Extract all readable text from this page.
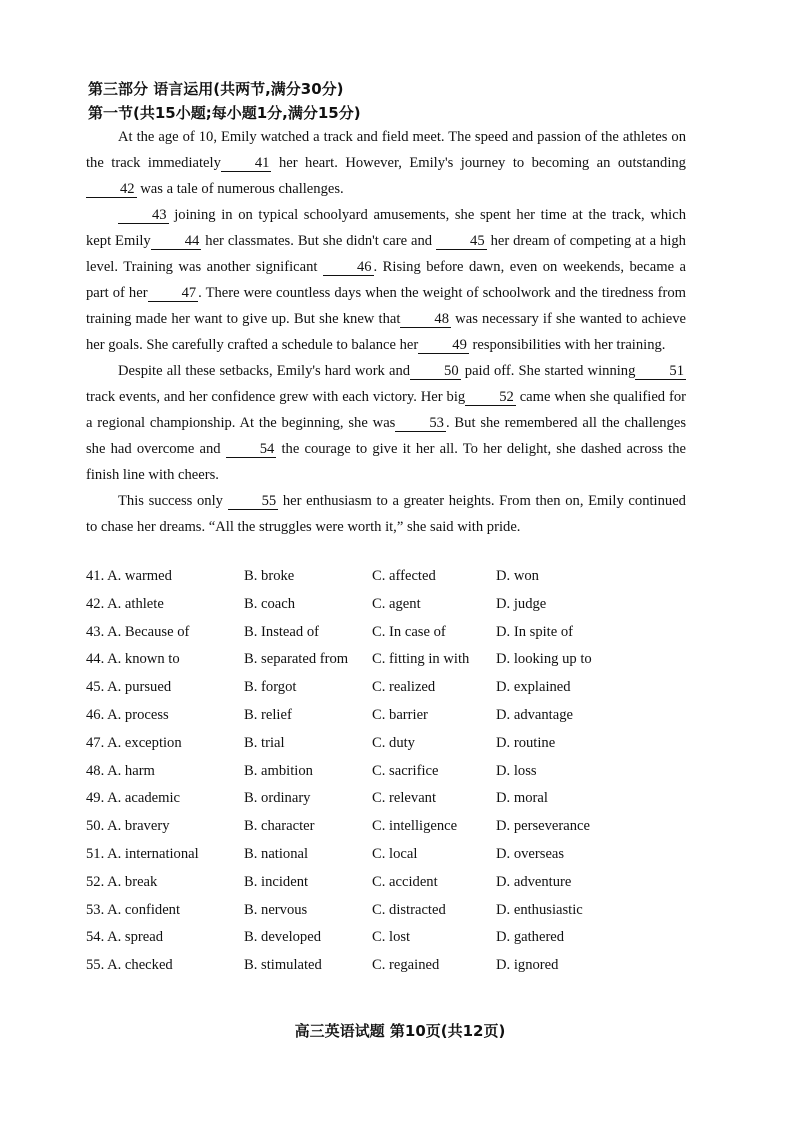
第三部分 语言运用(共两节,满分30分)
第一节(共15小题;每小题1分,满分15分)

At the age of 10, Emily watched a track and field meet. The speed and passion of the athletes on the track immediately 41 her heart. However, Emily's journey to becoming an outstanding42 was a tale of numerous challenges.

43 joining in on typical schoolyard amusements, she spent her time at the track, which kept Emily 44 her classmates. But she didn't care and	45 her dream of competing at a high level. Training was another significant	46 . Rising before dawn, even on weekends, became a part of her 47 . There were countless days when the weight of schoolwork and the tiredness from training made her want to give up. But she knew that 48 was necessary if she wanted to achieve her goals. She carefully crafted a schedule to balance her 49 responsibilities with her training.

Despite all these setbacks, Emily's hard work and 50 paid off. She started winning 51 track events, and her confidence grew with each victory. Her big 52 came when she qualified for a regional championship. At the beginning, she was 53 . But she remembered all the challenges she had overcome and	54 the courage to give it her all. To her delight, she dashed across the finish line with cheers.

This success only	55 her enthusiasm to a greater heights. From then on, Emily continued to chase her dreams. “All the struggles were worth it,” she said with pride.

41. A. warmed	B. broke	C. affected	D. won
42. A. athlete	B. coach	C. agent	D. judge
43. A. Because of	B. Instead of	C. In case of	D. In spite of
44. A. known to	B. separated from C. fitting in with D. looking up to
45. A. pursued	B. forgot	C. realized	D. explained
46. A. process	B. relief	C. barrier	D. advantage
47. A. exception	B. trial	C. duty	D. routine
48. A. harm	B. ambition	C. sacrifice	D. loss
49. A. academic	B. ordinary	C. relevant	D. moral
50. A. bravery	B. character	C. intelligence	D. perseverance
51. A. international	B. national	C. local	D. overseas
52. A. break	B. incident	C. accident	D. adventure
53. A. confident	B. nervous	C. distracted	D. enthusiastic
54. A. spread	B. developed	C. lost	D. gathered
55. A. checked	B. stimulated	C. regained	D. ignored
高三英语试题 第10页(共12页)
